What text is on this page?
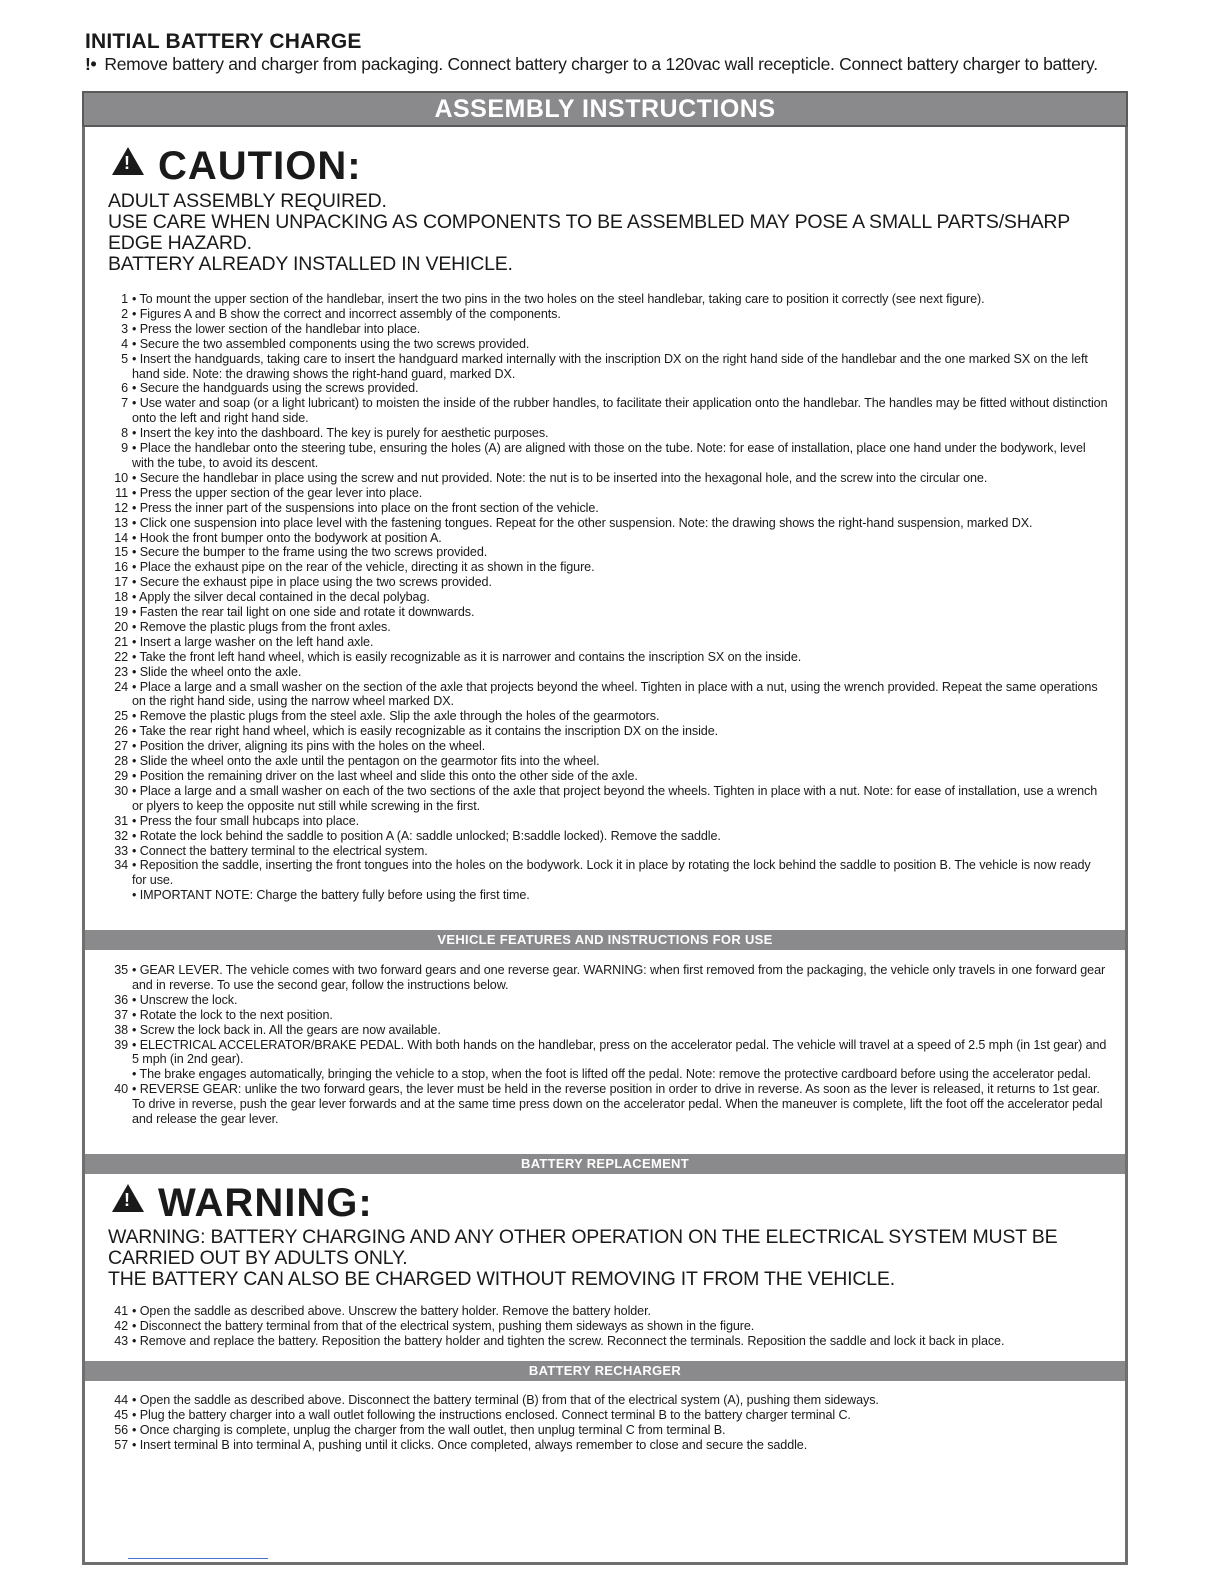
INITIAL BATTERY CHARGE
!• Remove battery and charger from packaging. Connect battery charger to a 120vac wall recepticle. Connect battery charger to battery.
ASSEMBLY INSTRUCTIONS
!CAUTION:
ADULT ASSEMBLY REQUIRED.
USE CARE WHEN UNPACKING AS COMPONENTS TO BE ASSEMBLED MAY POSE A SMALL PARTS/SHARP EDGE HAZARD.
BATTERY ALREADY INSTALLED IN VEHICLE.
1 • To mount the upper section of the handlebar, insert the two pins in the two holes on the steel handlebar, taking care to position it correctly (see next figure).
2 • Figures A and B show the correct and incorrect assembly of the components.
3 • Press the lower section of the handlebar into place.
4 • Secure the two assembled components using the two screws provided.
5 • Insert the handguards, taking care to insert the handguard marked internally with the inscription DX on the right hand side of the handlebar and the one marked SX on the left hand side. Note: the drawing shows the right-hand guard, marked DX.
6 • Secure the handguards using the screws provided.
7 • Use water and soap (or a light lubricant) to moisten the inside of the rubber handles, to facilitate their application onto the handlebar. The handles may be fitted without distinction onto the left and right hand side.
8 • Insert the key into the dashboard. The key is purely for aesthetic purposes.
9 • Place the handlebar onto the steering tube, ensuring the holes (A) are aligned with those on the tube. Note: for ease of installation, place one hand under the bodywork, level with the tube, to avoid its descent.
10 • Secure the handlebar in place using the screw and nut provided. Note: the nut is to be inserted into the hexagonal hole, and the screw into the circular one.
11 • Press the upper section of the gear lever into place.
12 • Press the inner part of the suspensions into place on the front section of the vehicle.
13 • Click one suspension into place level with the fastening tongues. Repeat for the other suspension. Note: the drawing shows the right-hand suspension, marked DX.
14 • Hook the front bumper onto the bodywork at position A.
15 • Secure the bumper to the frame using the two screws provided.
16 • Place the exhaust pipe on the rear of the vehicle, directing it as shown in the figure.
17 • Secure the exhaust pipe in place using the two screws provided.
18 • Apply the silver decal contained in the decal polybag.
19 • Fasten the rear tail light on one side and rotate it downwards.
20 • Remove the plastic plugs from the front axles.
21 • Insert a large washer on the left hand axle.
22 • Take the front left hand wheel, which is easily recognizable as it is narrower and contains the inscription SX on the inside.
23 • Slide the wheel onto the axle.
24 • Place a large and a small washer on the section of the axle that projects beyond the wheel. Tighten in place with a nut, using the wrench provided. Repeat the same operations on the right hand side, using the narrow wheel marked DX.
25 • Remove the plastic plugs from the steel axle. Slip the axle through the holes of the gearmotors.
26 • Take the rear right hand wheel, which is easily recognizable as it contains the inscription DX on the inside.
27 • Position the driver, aligning its pins with the holes on the wheel.
28 • Slide the wheel onto the axle until the pentagon on the gearmotor fits into the wheel.
29 • Position the remaining driver on the last wheel and slide this onto the other side of the axle.
30 • Place a large and a small washer on each of the two sections of the axle that project beyond the wheels. Tighten in place with a nut. Note: for ease of installation, use a wrench or plyers to keep the opposite nut still while screwing in the first.
31 • Press the four small hubcaps into place.
32 • Rotate the lock behind the saddle to position A (A: saddle unlocked; B:saddle locked). Remove the saddle.
33 • Connect the battery terminal to the electrical system.
34 • Reposition the saddle, inserting the front tongues into the holes on the bodywork. Lock it in place by rotating the lock behind the saddle to position B. The vehicle is now ready for use.
• IMPORTANT NOTE: Charge the battery fully before using the first time.
VEHICLE FEATURES AND INSTRUCTIONS FOR USE
35 • GEAR LEVER. The vehicle comes with two forward gears and one reverse gear. WARNING: when first removed from the packaging, the vehicle only travels in one forward gear and in reverse. To use the second gear, follow the instructions below.
36 • Unscrew the lock.
37 • Rotate the lock to the next position.
38 • Screw the lock back in. All the gears are now available.
39 • ELECTRICAL ACCELERATOR/BRAKE PEDAL. With both hands on the handlebar, press on the accelerator pedal. The vehicle will travel at a speed of 2.5 mph (in 1st gear) and 5 mph (in 2nd gear).
• The brake engages automatically, bringing the vehicle to a stop, when the foot is lifted off the pedal. Note: remove the protective cardboard before using the accelerator pedal.
40 • REVERSE GEAR: unlike the two forward gears, the lever must be held in the reverse position in order to drive in reverse. As soon as the lever is released, it returns to 1st gear. To drive in reverse, push the gear lever forwards and at the same time press down on the accelerator pedal. When the maneuver is complete, lift the foot off the accelerator pedal and release the gear lever.
BATTERY REPLACEMENT
!WARNING:
WARNING: BATTERY CHARGING AND ANY OTHER OPERATION ON THE ELECTRICAL SYSTEM MUST BE CARRIED OUT BY ADULTS ONLY.
THE BATTERY CAN ALSO BE CHARGED WITHOUT REMOVING IT FROM THE VEHICLE.
41 • Open the saddle as described above. Unscrew the battery holder. Remove the battery holder.
42 • Disconnect the battery terminal from that of the electrical system, pushing them sideways as shown in the figure.
43 • Remove and replace the battery. Reposition the battery holder and tighten the screw. Reconnect the terminals. Reposition the saddle and lock it back in place.
BATTERY RECHARGER
44 • Open the saddle as described above. Disconnect the battery terminal (B) from that of the electrical system (A), pushing them sideways.
45 • Plug the battery charger into a wall outlet following the instructions enclosed. Connect terminal B to the battery charger terminal C.
56 • Once charging is complete, unplug the charger from the wall outlet, then unplug terminal C from terminal B.
57 • Insert terminal B into terminal A, pushing until it clicks. Once completed, always remember to close and secure the saddle.
